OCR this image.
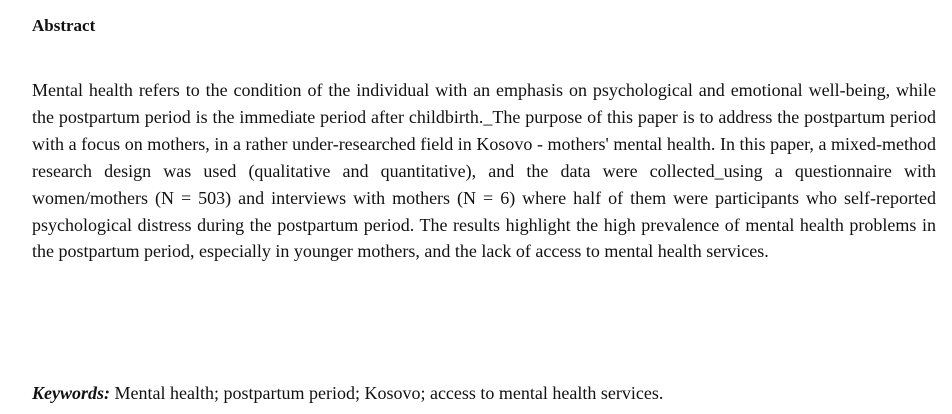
Abstract

Mental health refers to the condition of the individual with an emphasis on psychological and emotional well-being, while the postpartum period is the immediate period after childbirth._The purpose of this paper is to address the postpartum period with a focus on mothers, in a rather under-researched field in Kosovo - mothers' mental health. In this paper, a mixed-method research design was used (qualitative and quantitative), and the data were collected_using a questionnaire with women/mothers (N = 503) and interviews with mothers (N = 6) where half of them were participants who self-reported psychological distress during the postpartum period. The results highlight the high prevalence of mental health problems in the postpartum period, especially in younger mothers, and the lack of access to mental health services.

Keywords: Mental health; postpartum period; Kosovo; access to mental health services.
